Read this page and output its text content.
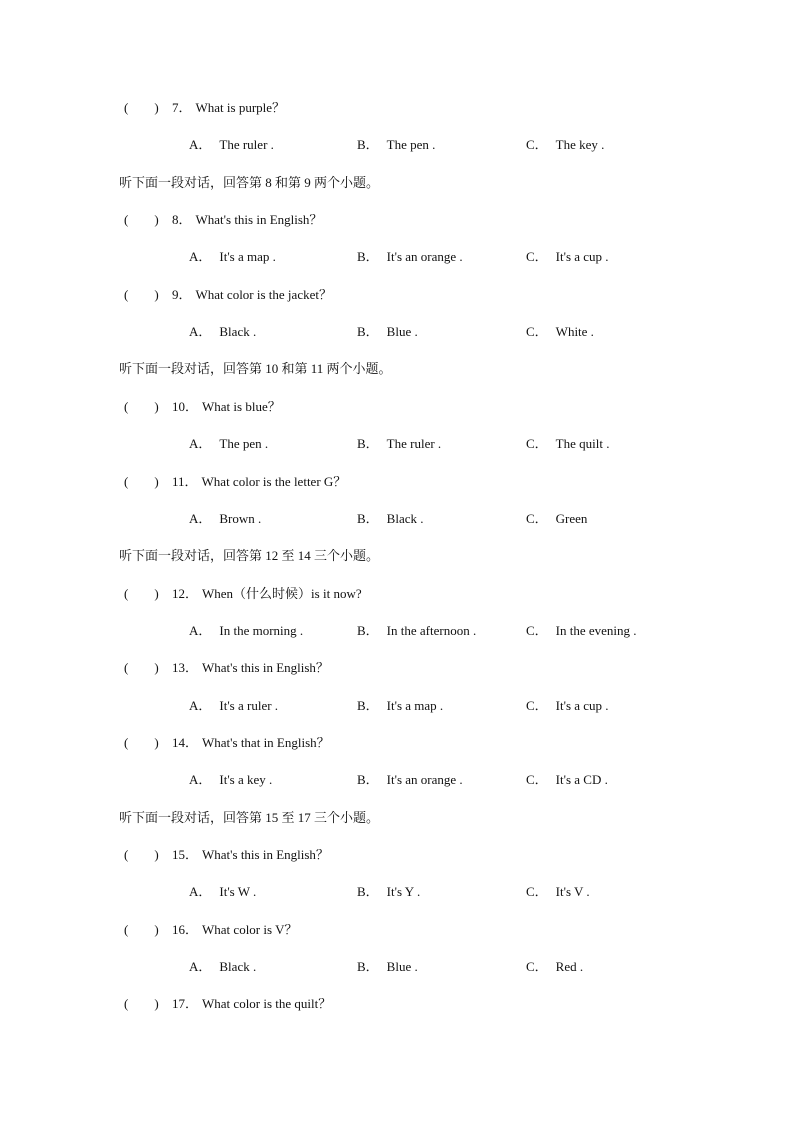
(　　) 7． What is purple？
A． The ruler .	B． The pen .	C． The key .
听下面一段对话，回答第 8 和第 9 两个小题。
(　　) 8． What's this in English？
A． It's a map .	B． It's an orange .	C． It's a cup .
(　　) 9． What color is the jacket？
A． Black .	B． Blue .	C． White .
听下面一段对话，回答第 10 和第 11 两个小题。
(　　) 10． What is blue？
A． The pen .	B． The ruler .	C． The quilt .
(　　) 11． What color is the letter G？
A． Brown .	B． Black .	C． Green
听下面一段对话，回答第 12 至 14 三个小题。
(　　) 12． When（什么时候）is it now?
A． In the morning .	B． In the afternoon .	C． In the evening .
(　　) 13． What's this in English？
A． It's a ruler .	B． It's a map .	C． It's a cup .
(　　) 14． What's that in English？
A． It's a key .	B． It's an orange .	C． It's a CD .
听下面一段对话，回答第 15 至 17 三个小题。
(　　) 15． What's this in English？
A． It's W .	B． It's Y .	C． It's V .
(　　) 16． What color is V？
A． Black .	B． Blue .	C． Red .
(　　) 17． What color is the quilt？
